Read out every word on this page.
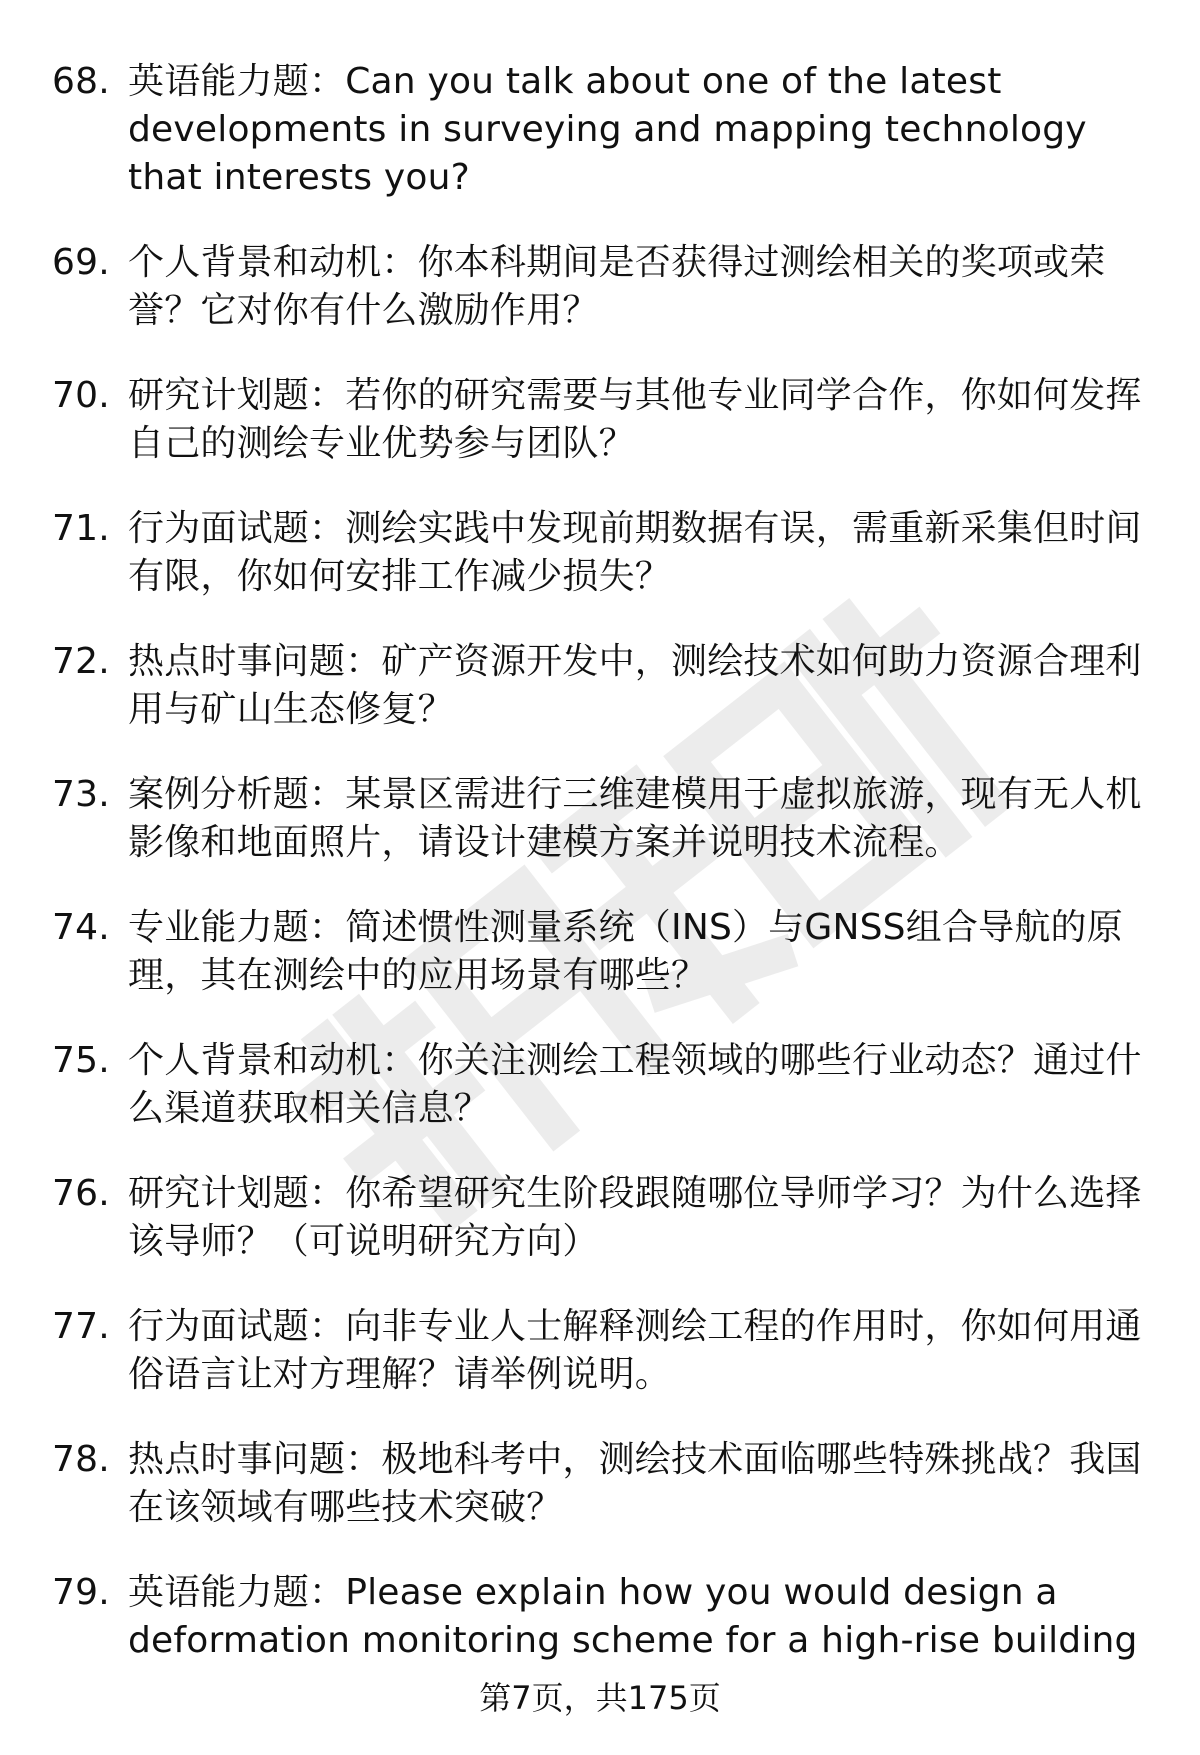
68. 英语能力题：Can you talk about one of the latest developments in surveying and mapping technology that interests you?
69. 个人背景和动机：你本科期间是否获得过测绘相关的奖项或荣誉？它对你有什么激励作用？
70. 研究计划题：若你的研究需要与其他专业同学合作，你如何发挥自己的测绘专业优势参与团队？
71. 行为面试题：测绘实践中发现前期数据有误，需重新采集但时间有限，你如何安排工作减少损失？
72. 热点时事问题：矿产资源开发中，测绘技术如何助力资源合理利用与矿山生态修复？
73. 案例分析题：某景区需进行三维建模用于虚拟旅游，现有无人机影像和地面照片，请设计建模方案并说明技术流程。
74. 专业能力题：简述惯性测量系统（INS）与GNSS组合导航的原理，其在测绘中的应用场景有哪些？
75. 个人背景和动机：你关注测绘工程领域的哪些行业动态？通过什么渠道获取相关信息？
76. 研究计划题：你希望研究生阶段跟随哪位导师学习？为什么选择该导师？（可说明研究方向）
77. 行为面试题：向非专业人士解释测绘工程的作用时，你如何用通俗语言让对方理解？请举例说明。
78. 热点时事问题：极地科考中，测绘技术面临哪些特殊挑战？我国在该领域有哪些技术突破？
79. 英语能力题：Please explain how you would design a deformation monitoring scheme for a high-rise building
第7页，共175页
